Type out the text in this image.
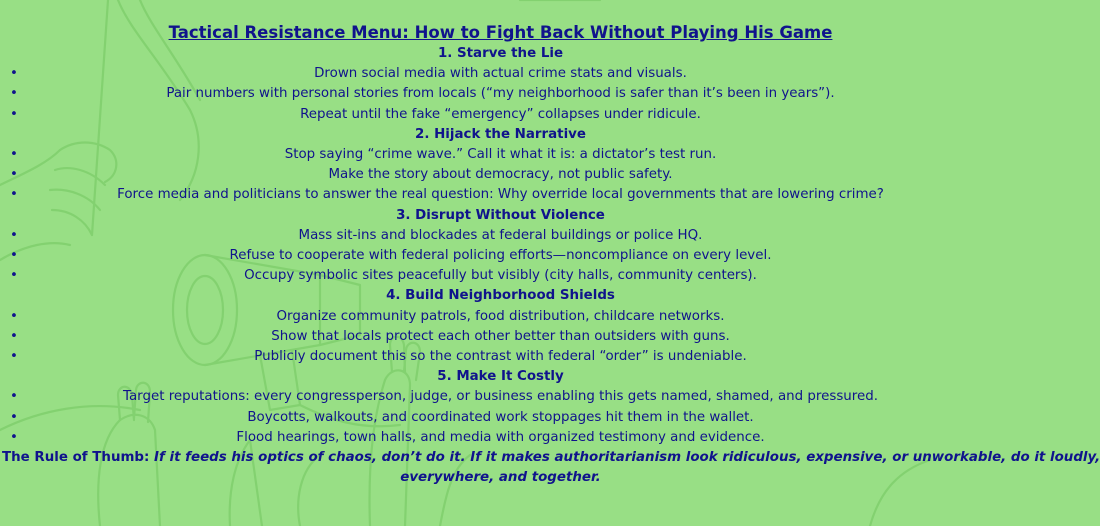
Tactical Resistance Menu: How to Fight Back Without Playing His Game

1. Starve the Lie

• Drown social media with actual crime stats and visuals.
• Pair numbers with personal stories from locals (“my neighborhood is safer than it’s been in years”).
• Repeat until the fake “emergency” collapses under ridicule.

2. Hijack the Narrative

• Stop saying “crime wave.” Call it what it is: a dictator’s test run.
• Make the story about democracy, not public safety.
• Force media and politicians to answer the real question: Why override local governments that are lowering crime?

3. Disrupt Without Violence

• Mass sit-ins and blockades at federal buildings or police HQ.
• Refuse to cooperate with federal policing efforts—noncompliance on every level.
• Occupy symbolic sites peacefully but visibly (city halls, community centers).

4. Build Neighborhood Shields

• Organize community patrols, food distribution, childcare networks.
• Show that locals protect each other better than outsiders with guns.
• Publicly document this so the contrast with federal “order” is undeniable.

5. Make It Costly

• Target reputations: every congressperson, judge, or business enabling this gets named, shamed, and pressured.
• Boycotts, walkouts, and coordinated work stoppages hit them in the wallet.
• Flood hearings, town halls, and media with organized testimony and evidence.

The Rule of Thumb: If it feeds his optics of chaos, don’t do it. If it makes authoritarianism look ridiculous, expensive, or unworkable, do it loudly,
everywhere, and together.
